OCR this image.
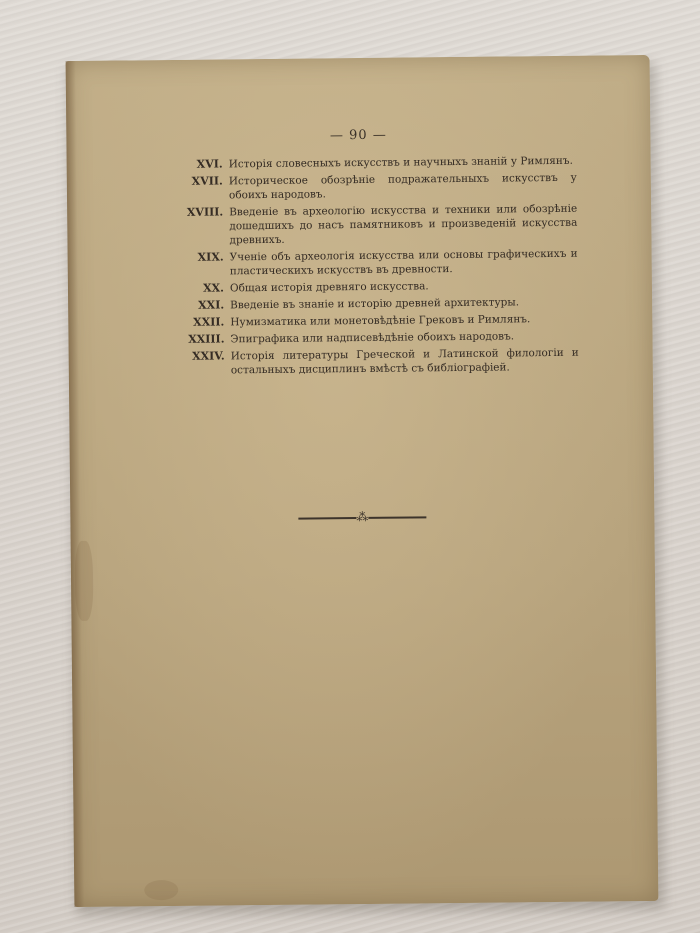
— 90 —
XVI. Исторія словесныхъ искусствъ и научныхъ знаній у Римлянъ.
XVII. Историческое обозрѣніе подражательныхъ искусствъ у обоихъ народовъ.
XVIII. Введеніе въ археологію искусства и техники или обозрѣніе дошедшихъ до насъ памятниковъ и произведеній искусства древнихъ.
XIX. Ученіе объ археологія искусства или основы графическихъ и пластическихъ искусствъ въ древности.
XX. Общая исторія древняго искусства.
XXI. Введеніе въ знаніе и исторію древней архитектуры.
XXII. Нумизматика или монетовѣдѣніе Грековъ и Римлянъ.
XXIII. Эпиграфика или надписевѣдѣніе обоихъ народовъ.
XXIV. Исторія литературы Греческой и Латинской филологіи и остальныхъ дисциплинъ вмѣстѣ съ библіографіей.
⁂
